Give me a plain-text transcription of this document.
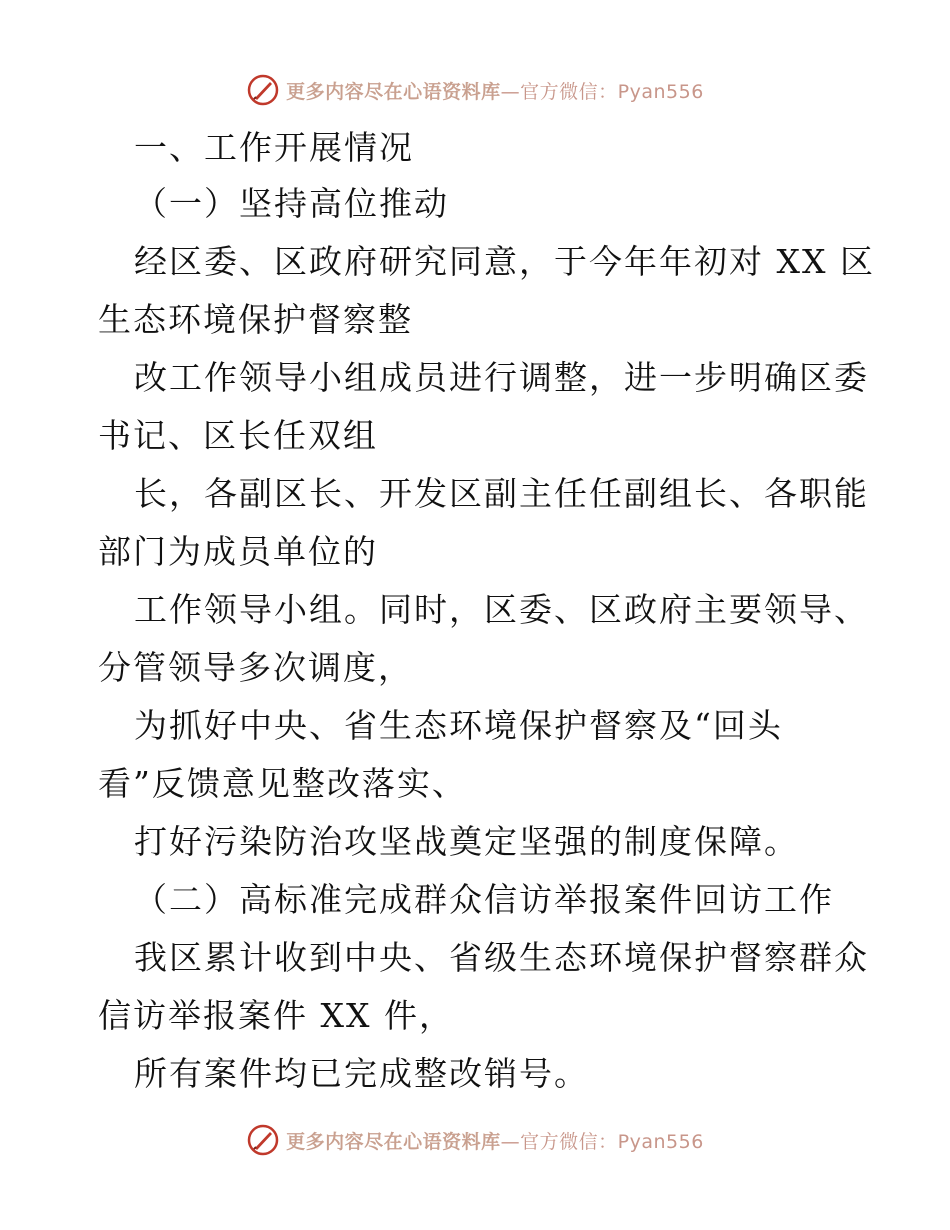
更多内容尽在心语资料库—官方微信：Pyan556
一、工作开展情况
（一）坚持高位推动
经区委、区政府研究同意，于今年年初对 XX 区
生态环境保护督察整
改工作领导小组成员进行调整，进一步明确区委
书记、区长任双组
长，各副区长、开发区副主任任副组长、各职能
部门为成员单位的
工作领导小组。同时，区委、区政府主要领导、
分管领导多次调度，
为抓好中央、省生态环境保护督察及“回头
看”反馈意见整改落实、
打好污染防治攻坚战奠定坚强的制度保障。
（二）高标准完成群众信访举报案件回访工作
我区累计收到中央、省级生态环境保护督察群众
信访举报案件 XX 件，
所有案件均已完成整改销号。
更多内容尽在心语资料库—官方微信：Pyan556
